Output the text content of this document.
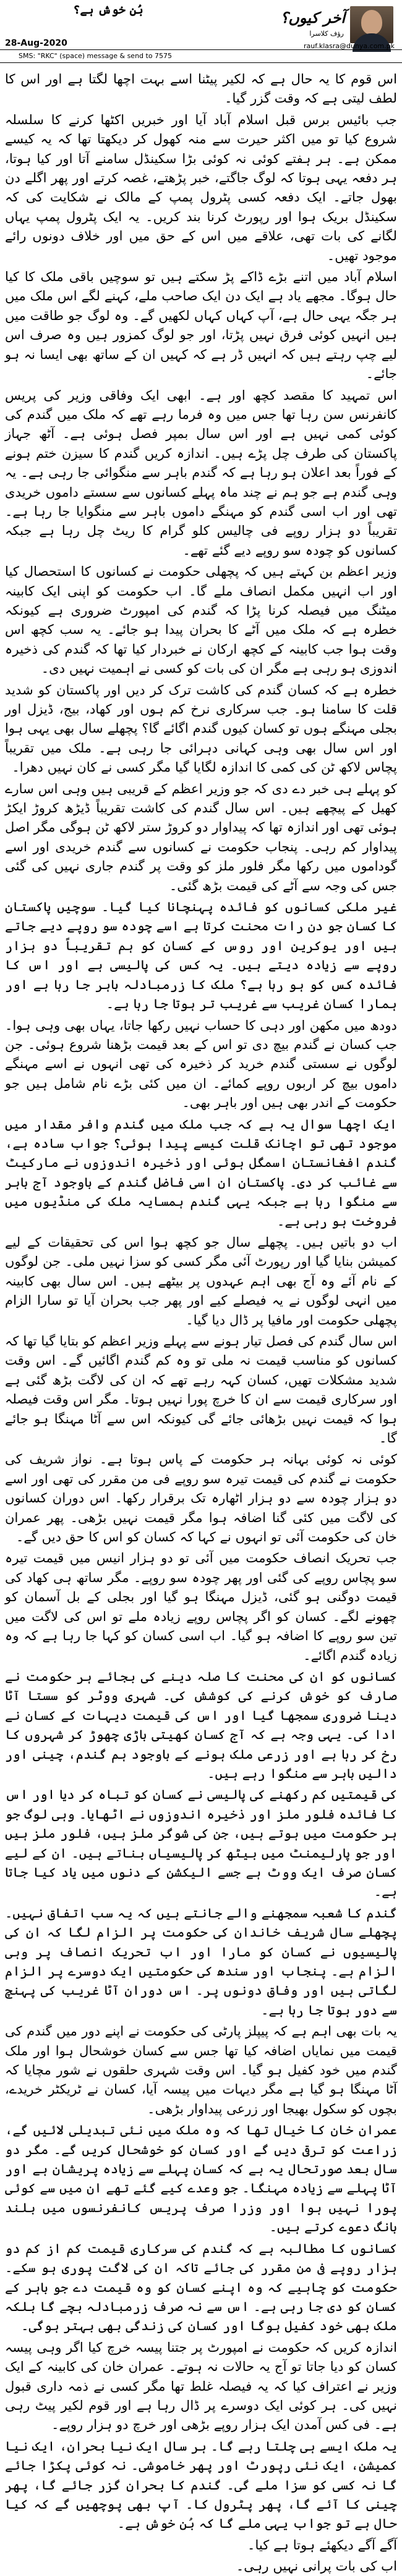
بُن خوش ہے؟	آخر کیوں؟
رؤف کلاسرا
28-Aug-2020	rauf.klasra@dunya.com.pk
SMS: "RKC" (space) message & send to 7575

اس قوم کا یہ حال ہے کہ لکیر پیٹنا اسے بہت اچھا لگتا ہے اور اس کا لطف لیتی ہے کہ وقت گزر گیا۔

جب بائیس برس قبل اسلام آباد آیا اور خبریں اکٹھا کرنے کا سلسلہ شروع کیا تو میں اکثر حیرت سے منہ کھول کر دیکھتا تھا کہ یہ کیسے ممکن ہے۔ ہر ہفتے کوئی نہ کوئی بڑا سکینڈل سامنے آتا اور کیا ہوتا، ہر دفعہ یہی ہوتا کہ لوگ جاگتے، خبر پڑھتے، غصہ کرتے اور پھر اگلے دن بھول جاتے۔ ایک دفعہ کسی پٹرول پمپ کے مالک نے شکایت کی کہ سکینڈل بریک ہوا اور رپورٹ کرنا بند کریں۔ یہ ایک پٹرول پمپ یہاں لگانے کی بات تھی، علاقے میں اس کے حق میں اور خلاف دونوں رائے موجود تھیں۔

اسلام آباد میں اتنے بڑے ڈاکے پڑ سکتے ہیں تو سوچیں باقی ملک کا کیا حال ہوگا۔ مجھے یاد ہے ایک دن ایک صاحب ملے، کہنے لگے اس ملک میں ہر جگہ یہی حال ہے، آپ کہاں کہاں لکھیں گے۔ وہ لوگ جو طاقت میں ہیں انہیں کوئی فرق نہیں پڑتا، اور جو لوگ کمزور ہیں وہ صرف اس لیے چپ رہتے ہیں کہ انہیں ڈر ہے کہ کہیں ان کے ساتھ بھی ایسا نہ ہو جائے۔

اس تمہید کا مقصد کچھ اور ہے۔ ابھی ایک وفاقی وزیر کی پریس کانفرنس سن رہا تھا جس میں وہ فرما رہے تھے کہ ملک میں گندم کی کوئی کمی نہیں ہے اور اس سال بمپر فصل ہوئی ہے۔ آٹھ جہاز پاکستان کی طرف چل پڑے ہیں۔ اندازہ کریں گندم کا سیزن ختم ہونے کے فوراً بعد اعلان ہو رہا ہے کہ گندم باہر سے منگوائی جا رہی ہے۔ یہ وہی گندم ہے جو ہم نے چند ماہ پہلے کسانوں سے سستے داموں خریدی تھی اور اب اسی گندم کو مہنگے داموں باہر سے منگوایا جا رہا ہے۔ تقریباً دو ہزار روپے فی چالیس کلو گرام کا ریٹ چل رہا ہے جبکہ کسانوں کو چودہ سو روپے دیے گئے تھے۔

وزیر اعظم بن کہتے ہیں کہ پچھلی حکومت نے کسانوں کا استحصال کیا اور اب انہیں مکمل انصاف ملے گا۔ اب حکومت کو اپنی ایک کابینہ میٹنگ میں فیصلہ کرنا پڑا کہ گندم کی امپورٹ ضروری ہے کیونکہ خطرہ ہے کہ ملک میں آٹے کا بحران پیدا ہو جائے۔ یہ سب کچھ اس وقت ہوا جب کابینہ کے کچھ ارکان نے خبردار کیا تھا کہ گندم کی ذخیرہ اندوزی ہو رہی ہے مگر ان کی بات کو کسی نے اہمیت نہیں دی۔

خطرہ ہے کہ کسان گندم کی کاشت ترک کر دیں اور پاکستان کو شدید قلت کا سامنا ہو۔ جب سرکاری نرخ کم ہوں اور کھاد، بیج، ڈیزل اور بجلی مہنگے ہوں تو کسان کیوں گندم اگائے گا؟ پچھلے سال بھی یہی ہوا اور اس سال بھی وہی کہانی دہرائی جا رہی ہے۔ ملک میں تقریباً پچاس لاکھ ٹن کی کمی کا اندازہ لگایا گیا مگر کسی نے کان نہیں دھرا۔

کو پہلے ہی خبر دے دی کہ جو وزیر اعظم کے قریبی ہیں وہی اس سارے کھیل کے پیچھے ہیں۔ اس سال گندم کی کاشت تقریباً ڈیڑھ کروڑ ایکڑ ہوئی تھی اور اندازہ تھا کہ پیداوار دو کروڑ ستر لاکھ ٹن ہوگی مگر اصل پیداوار کم رہی۔ پنجاب حکومت نے کسانوں سے گندم خریدی اور اسے گوداموں میں رکھا مگر فلور ملز کو وقت پر گندم جاری نہیں کی گئی جس کی وجہ سے آٹے کی قیمت بڑھ گئی۔

غیر ملکی کسانوں کو فائدہ پہنچانا کیا گیا۔ سوچیں پاکستان کا کسان جو دن رات محنت کرتا ہے اسے چودہ سو روپے دیے جاتے ہیں اور یوکرین اور روس کے کسان کو ہم تقریباً دو ہزار روپے سے زیادہ دیتے ہیں۔ یہ کس کی پالیسی ہے اور اس کا فائدہ کس کو ہو رہا ہے؟ ملک کا زرمبادلہ باہر جا رہا ہے اور ہمارا کسان غریب سے غریب تر ہوتا جا رہا ہے۔

دودھ میں مکھن اور دہی کا حساب نہیں رکھا جاتا، یہاں بھی وہی ہوا۔ جب کسان نے گندم بیچ دی تو اس کے بعد قیمت بڑھنا شروع ہوئی۔ جن لوگوں نے سستی گندم خرید کر ذخیرہ کی تھی انہوں نے اسے مہنگے داموں بیچ کر اربوں روپے کمائے۔ ان میں کئی بڑے نام شامل ہیں جو حکومت کے اندر بھی ہیں اور باہر بھی۔

ایک اچھا سوال یہ ہے کہ جب ملک میں گندم وافر مقدار میں موجود تھی تو اچانک قلت کیسے پیدا ہوئی؟ جواب سادہ ہے، گندم افغانستان اسمگل ہوئی اور ذخیرہ اندوزوں نے مارکیٹ سے غائب کر دی۔ پاکستان ان اسی فاضل گندم کے باوجود آج باہر سے منگوا رہا ہے جبکہ یہی گندم ہمسایہ ملک کی منڈیوں میں فروخت ہو رہی ہے۔

اب دو باتیں ہیں۔ پچھلے سال جو کچھ ہوا اس کی تحقیقات کے لیے کمیشن بنایا گیا اور رپورٹ آئی مگر کسی کو سزا نہیں ملی۔ جن لوگوں کے نام آئے وہ آج بھی اہم عہدوں پر بیٹھے ہیں۔ اس سال بھی کابینہ میں انہی لوگوں نے یہ فیصلے کیے اور پھر جب بحران آیا تو سارا الزام پچھلی حکومت اور مافیا پر ڈال دیا گیا۔

اس سال گندم کی فصل تیار ہونے سے پہلے وزیر اعظم کو بتایا گیا تھا کہ کسانوں کو مناسب قیمت نہ ملی تو وہ کم گندم اگائیں گے۔ اس وقت شدید مشکلات تھیں، کسان کہہ رہے تھے کہ ان کی لاگت بڑھ گئی ہے اور سرکاری قیمت سے ان کا خرچ پورا نہیں ہوتا۔ مگر اس وقت فیصلہ ہوا کہ قیمت نہیں بڑھائی جائے گی کیونکہ اس سے آٹا مہنگا ہو جائے گا۔

کوئی نہ کوئی بہانہ ہر حکومت کے پاس ہوتا ہے۔ نواز شریف کی حکومت نے گندم کی قیمت تیرہ سو روپے فی من مقرر کی تھی اور اسے دو ہزار چودہ سے دو ہزار اٹھارہ تک برقرار رکھا۔ اس دوران کسانوں کی لاگت میں کئی گنا اضافہ ہوا مگر قیمت نہیں بڑھی۔ پھر عمران خان کی حکومت آئی تو انہوں نے کہا کہ کسان کو اس کا حق دیں گے۔

جب تحریک انصاف حکومت میں آئی تو دو ہزار انیس میں قیمت تیرہ سو پچاس روپے کی گئی اور پھر چودہ سو روپے۔ مگر ساتھ ہی کھاد کی قیمت دوگنی ہو گئی، ڈیزل مہنگا ہو گیا اور بجلی کے بل آسمان کو چھونے لگے۔ کسان کو اگر پچاس روپے زیادہ ملے تو اس کی لاگت میں تین سو روپے کا اضافہ ہو گیا۔ اب اسی کسان کو کہا جا رہا ہے کہ وہ زیادہ گندم اگائے۔

کسانوں کو ان کی محنت کا صلہ دینے کی بجائے ہر حکومت نے صارف کو خوش کرنے کی کوشش کی۔ شہری ووٹر کو سستا آٹا دینا ضروری سمجھا گیا اور اس کی قیمت دیہات کے کسان نے ادا کی۔ یہی وجہ ہے کہ آج کسان کھیتی باڑی چھوڑ کر شہروں کا رخ کر رہا ہے اور زرعی ملک ہونے کے باوجود ہم گندم، چینی اور دالیں باہر سے منگوا رہے ہیں۔

کی قیمتیں کم رکھنے کی پالیسی نے کسان کو تباہ کر دیا اور اس کا فائدہ فلور ملز اور ذخیرہ اندوزوں نے اٹھایا۔ وہی لوگ جو ہر حکومت میں ہوتے ہیں، جن کی شوگر ملز ہیں، فلور ملز ہیں اور جو پارلیمنٹ میں بیٹھ کر پالیسیاں بناتے ہیں۔ ان کے لیے کسان صرف ایک ووٹ ہے جسے الیکشن کے دنوں میں یاد کیا جاتا ہے۔

گندم کا شعبہ سمجھنے والے جانتے ہیں کہ یہ سب اتفاق نہیں۔ پچھلے سال شریف خاندان کی حکومت پر الزام لگا کہ ان کی پالیسیوں نے کسان کو مارا اور اب تحریک انصاف پر وہی الزام ہے۔ پنجاب اور سندھ کی حکومتیں ایک دوسرے پر الزام لگاتی ہیں اور وفاق دونوں پر۔ اس دوران آٹا غریب کی پہنچ سے دور ہوتا جا رہا ہے۔

یہ بات بھی اہم ہے کہ پیپلز پارٹی کی حکومت نے اپنے دور میں گندم کی قیمت میں نمایاں اضافہ کیا تھا جس سے کسان خوشحال ہوا اور ملک گندم میں خود کفیل ہو گیا۔ اس وقت شہری حلقوں نے شور مچایا کہ آٹا مہنگا ہو گیا ہے مگر دیہات میں پیسہ آیا، کسان نے ٹریکٹر خریدے، بچوں کو سکول بھیجا اور زرعی پیداوار بڑھی۔

عمران خان کا خیال تھا کہ وہ ملک میں نئی تبدیلی لائیں گے، زراعت کو ترقی دیں گے اور کسان کو خوشحال کریں گے۔ مگر دو سال بعد صورتحال یہ ہے کہ کسان پہلے سے زیادہ پریشان ہے اور آٹا پہلے سے زیادہ مہنگا۔ جو وعدے کیے گئے تھے ان میں سے کوئی پورا نہیں ہوا اور وزرا صرف پریس کانفرنسوں میں بلند بانگ دعوے کرتے ہیں۔

کسانوں کا مطالبہ ہے کہ گندم کی سرکاری قیمت کم از کم دو ہزار روپے فی من مقرر کی جائے تاکہ ان کی لاگت پوری ہو سکے۔ حکومت کو چاہیے کہ وہ اپنے کسان کو وہ قیمت دے جو باہر کے کسان کو دی جا رہی ہے۔ اس سے نہ صرف زرمبادلہ بچے گا بلکہ ملک بھی خود کفیل ہوگا اور کسان کی زندگی بھی بہتر ہوگی۔

اندازہ کریں کہ حکومت نے امپورٹ پر جتنا پیسہ خرچ کیا اگر وہی پیسہ کسان کو دیا جاتا تو آج یہ حالات نہ ہوتے۔ عمران خان کی کابینہ کے ایک وزیر نے اعتراف کیا کہ یہ فیصلہ غلط تھا مگر کسی نے ذمہ داری قبول نہیں کی۔ ہر کوئی ایک دوسرے پر ڈال رہا ہے اور قوم لکیر پیٹ رہی ہے۔ فی کس آمدن ایک ہزار روپے بڑھی اور خرچ دو ہزار روپے۔

یہ ملک ایسے ہی چلتا رہے گا۔ ہر سال ایک نیا بحران، ایک نیا کمیشن، ایک نئی رپورٹ اور پھر خاموشی۔ نہ کوئی پکڑا جائے گا نہ کسی کو سزا ملے گی۔ گندم کا بحران گزر جائے گا، پھر چینی کا آئے گا، پھر پٹرول کا۔ آپ بھی پوچھیں گے کہ کیا حال ہے تو جواب یہی ملے گا کہ بُن خوش ہے۔

آگے آگے دیکھئے ہوتا ہے کیا۔

اب کی بات پرانی نہیں رہی۔
